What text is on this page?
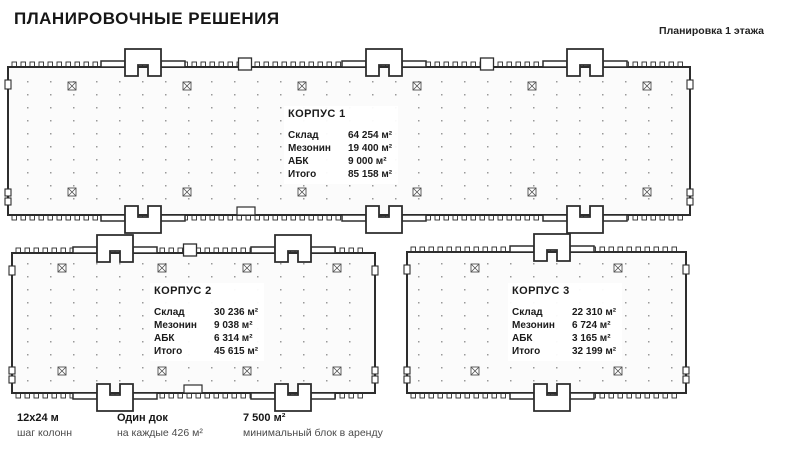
ПЛАНИРОВОЧНЫЕ РЕШЕНИЯ
Планировка 1 этажа
КОРПУС 1
Склад	64 254 м²
Мезонин	19 400 м²
АБК	9 000 м²
Итого	85 158 м²
КОРПУС 2
Склад	30 236 м²
Мезонин	9 038 м²
АБК	6 314 м²
Итого	45 615 м²
КОРПУС 3
Склад	22 310 м²
Мезонин	6 724 м²
АБК	3 165 м²
Итого	32 199 м²
12x24 м
шаг колонн
Один док
на каждые 426 м²
7 500 м²
минимальный блок в аренду
